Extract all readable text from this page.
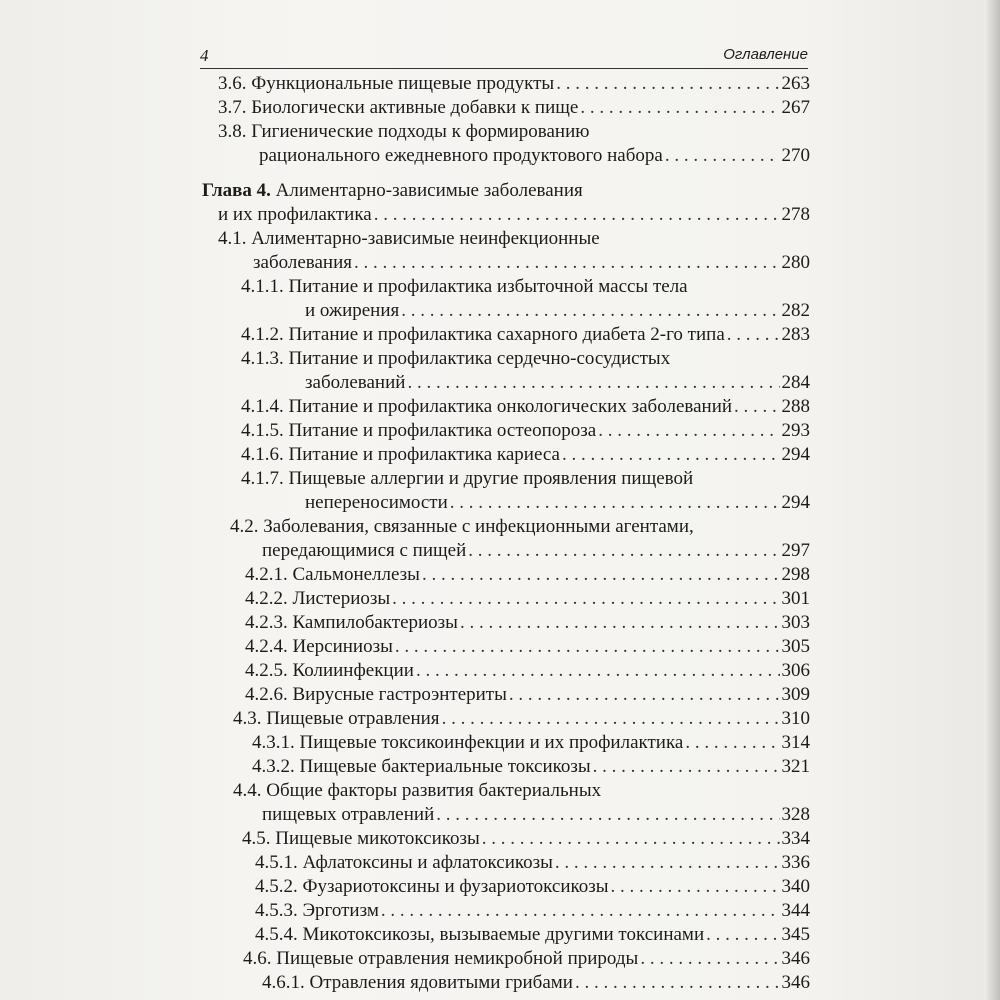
4	Оглавление
3.6. Функциональные пищевые продукты . . .	263
3.7. Биологически активные добавки к пище . . .	267
3.8. Гигиенические подходы к формированию
рационального ежедневного продуктового набора . . .	270
Глава 4. Алиментарно-зависимые заболевания
и их профилактика . . .	278
4.1. Алиментарно-зависимые неинфекционные
заболевания . . .	280
4.1.1. Питание и профилактика избыточной массы тела
и ожирения . . .	282
4.1.2. Питание и профилактика сахарного диабета 2-го типа . . .	283
4.1.3. Питание и профилактика сердечно-сосудистых
заболеваний . . .	284
4.1.4. Питание и профилактика онкологических заболеваний . . .	288
4.1.5. Питание и профилактика остеопороза . . .	293
4.1.6. Питание и профилактика кариеса . . .	294
4.1.7. Пищевые аллергии и другие проявления пищевой
непереносимости . . .	294
4.2. Заболевания, связанные с инфекционными агентами,
передающимися с пищей . . .	297
4.2.1. Сальмонеллезы . . .	298
4.2.2. Листериозы . . .	301
4.2.3. Кампилобактериозы . . .	303
4.2.4. Иерсиниозы . . .	305
4.2.5. Колиинфекции . . .	306
4.2.6. Вирусные гастроэнтериты . . .	309
4.3. Пищевые отравления . . .	310
4.3.1. Пищевые токсикоинфекции и их профилактика . . .	314
4.3.2. Пищевые бактериальные токсикозы . . .	321
4.4. Общие факторы развития бактериальных
пищевых отравлений . . .	328
4.5. Пищевые микотоксикозы . . .	334
4.5.1. Афлатоксины и афлатоксикозы . . .	336
4.5.2. Фузариотоксины и фузариотоксикозы . . .	340
4.5.3. Эрготизм . . .	344
4.5.4. Микотоксикозы, вызываемые другими токсинами . . .	345
4.6. Пищевые отравления немикробной природы . . .	346
4.6.1. Отравления ядовитыми грибами . . .	346
